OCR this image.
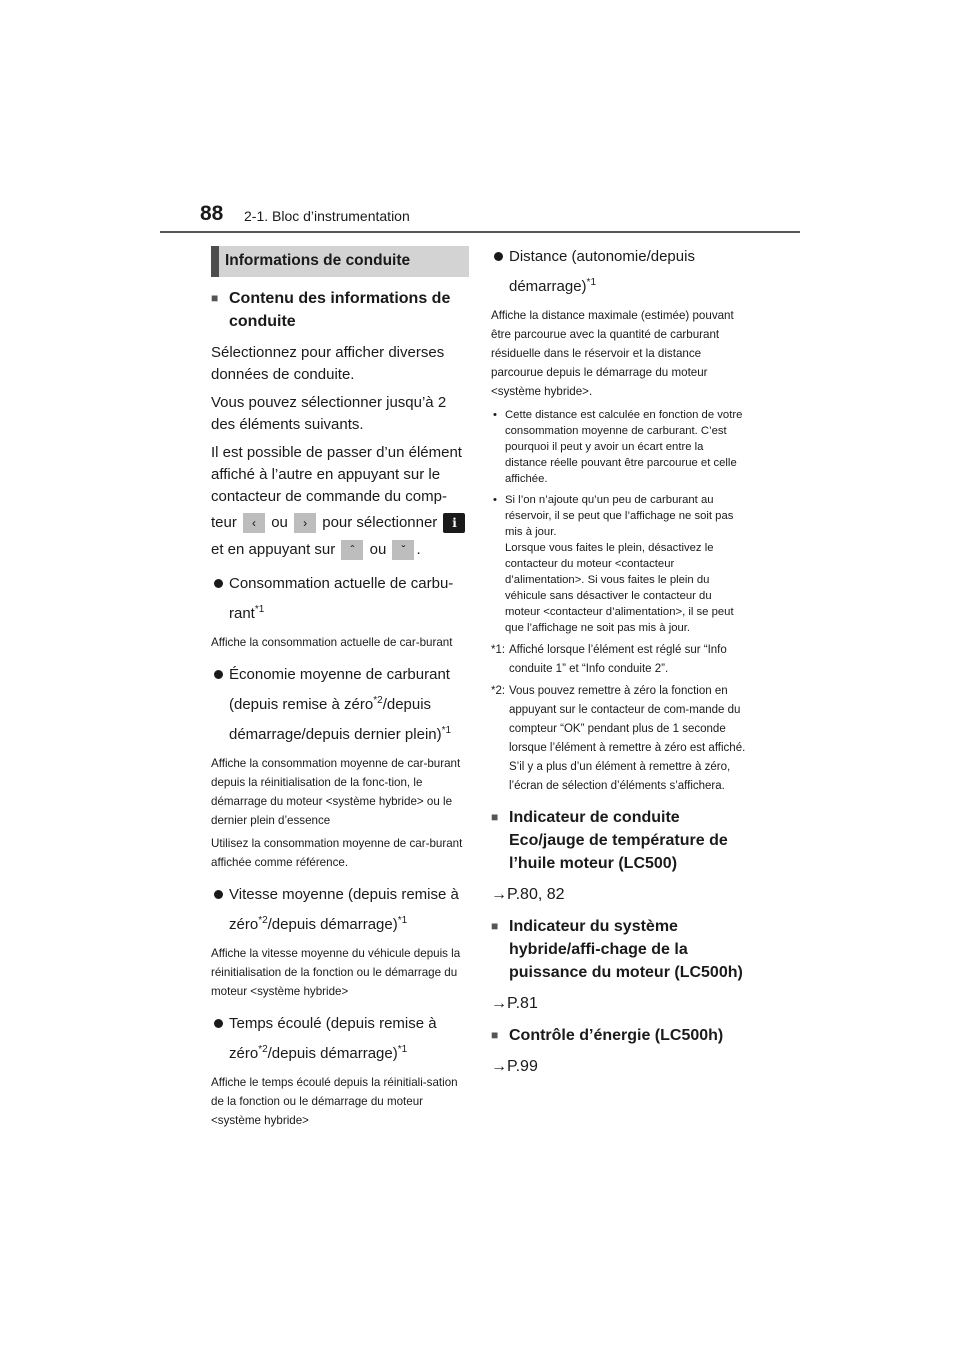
88 2-1. Bloc d’instrumentation
Informations de conduite
■ Contenu des informations de conduite
Sélectionnez pour afficher diverses données de conduite.
Vous pouvez sélectionner jusqu’à 2 des éléments suivants.
Il est possible de passer d’un élément affiché à l’autre en appuyant sur le contacteur de commande du comp-
teur ‹ ou › pour sélectionner i
et en appuyant sur ˆ ou ˇ .
Consommation actuelle de carbu-rant$^{*1}$
Affiche la consommation actuelle de car-burant
Économie moyenne de carburant (depuis remise à zéro$^{*2}$/depuis démarrage/depuis dernier plein)$^{*1}$
Affiche la consommation moyenne de car-burant depuis la réinitialisation de la fonc-tion, le démarrage du moteur <système hybride> ou le dernier plein d’essence
Utilisez la consommation moyenne de car-burant affichée comme référence.
Vitesse moyenne (depuis remise à zéro$^{*2}$/depuis démarrage)$^{*1}$
Affiche la vitesse moyenne du véhicule depuis la réinitialisation de la fonction ou le démarrage du moteur <système hybride>
Temps écoulé (depuis remise à zéro$^{*2}$/depuis démarrage)$^{*1}$
Affiche le temps écoulé depuis la réinitiali-sation de la fonction ou le démarrage du moteur <système hybride>
Distance (autonomie/depuis démarrage)$^{*1}$
Affiche la distance maximale (estimée) pouvant être parcourue avec la quantité de carburant résiduelle dans le réservoir et la distance parcourue depuis le démarrage du moteur <système hybride>.
• Cette distance est calculée en fonction de votre consommation moyenne de carburant. C’est pourquoi il peut y avoir un écart entre la distance réelle pouvant être parcourue et celle affichée.
• Si l’on n’ajoute qu’un peu de carburant au réservoir, il se peut que l’affichage ne soit pas mis à jour.
Lorsque vous faites le plein, désactivez le contacteur du moteur <contacteur d’alimentation>. Si vous faites le plein du véhicule sans désactiver le contacteur du moteur <contacteur d’alimentation>, il se peut que l’affichage ne soit pas mis à jour.
*1: Affiché lorsque l’élément est réglé sur “Info conduite 1” et “Info conduite 2”.
*2: Vous pouvez remettre à zéro la fonction en appuyant sur le contacteur de com-mande du compteur “OK” pendant plus de 1 seconde lorsque l’élément à remettre à zéro est affiché.
S’il y a plus d’un élément à remettre à zéro, l’écran de sélection d’éléments s’affichera.
■ Indicateur de conduite Eco/jauge de température de l’huile moteur (LC500)
→P.80, 82
■ Indicateur du système hybride/affi-chage de la puissance du moteur (LC500h)
→P.81
■ Contrôle d’énergie (LC500h)
→P.99
